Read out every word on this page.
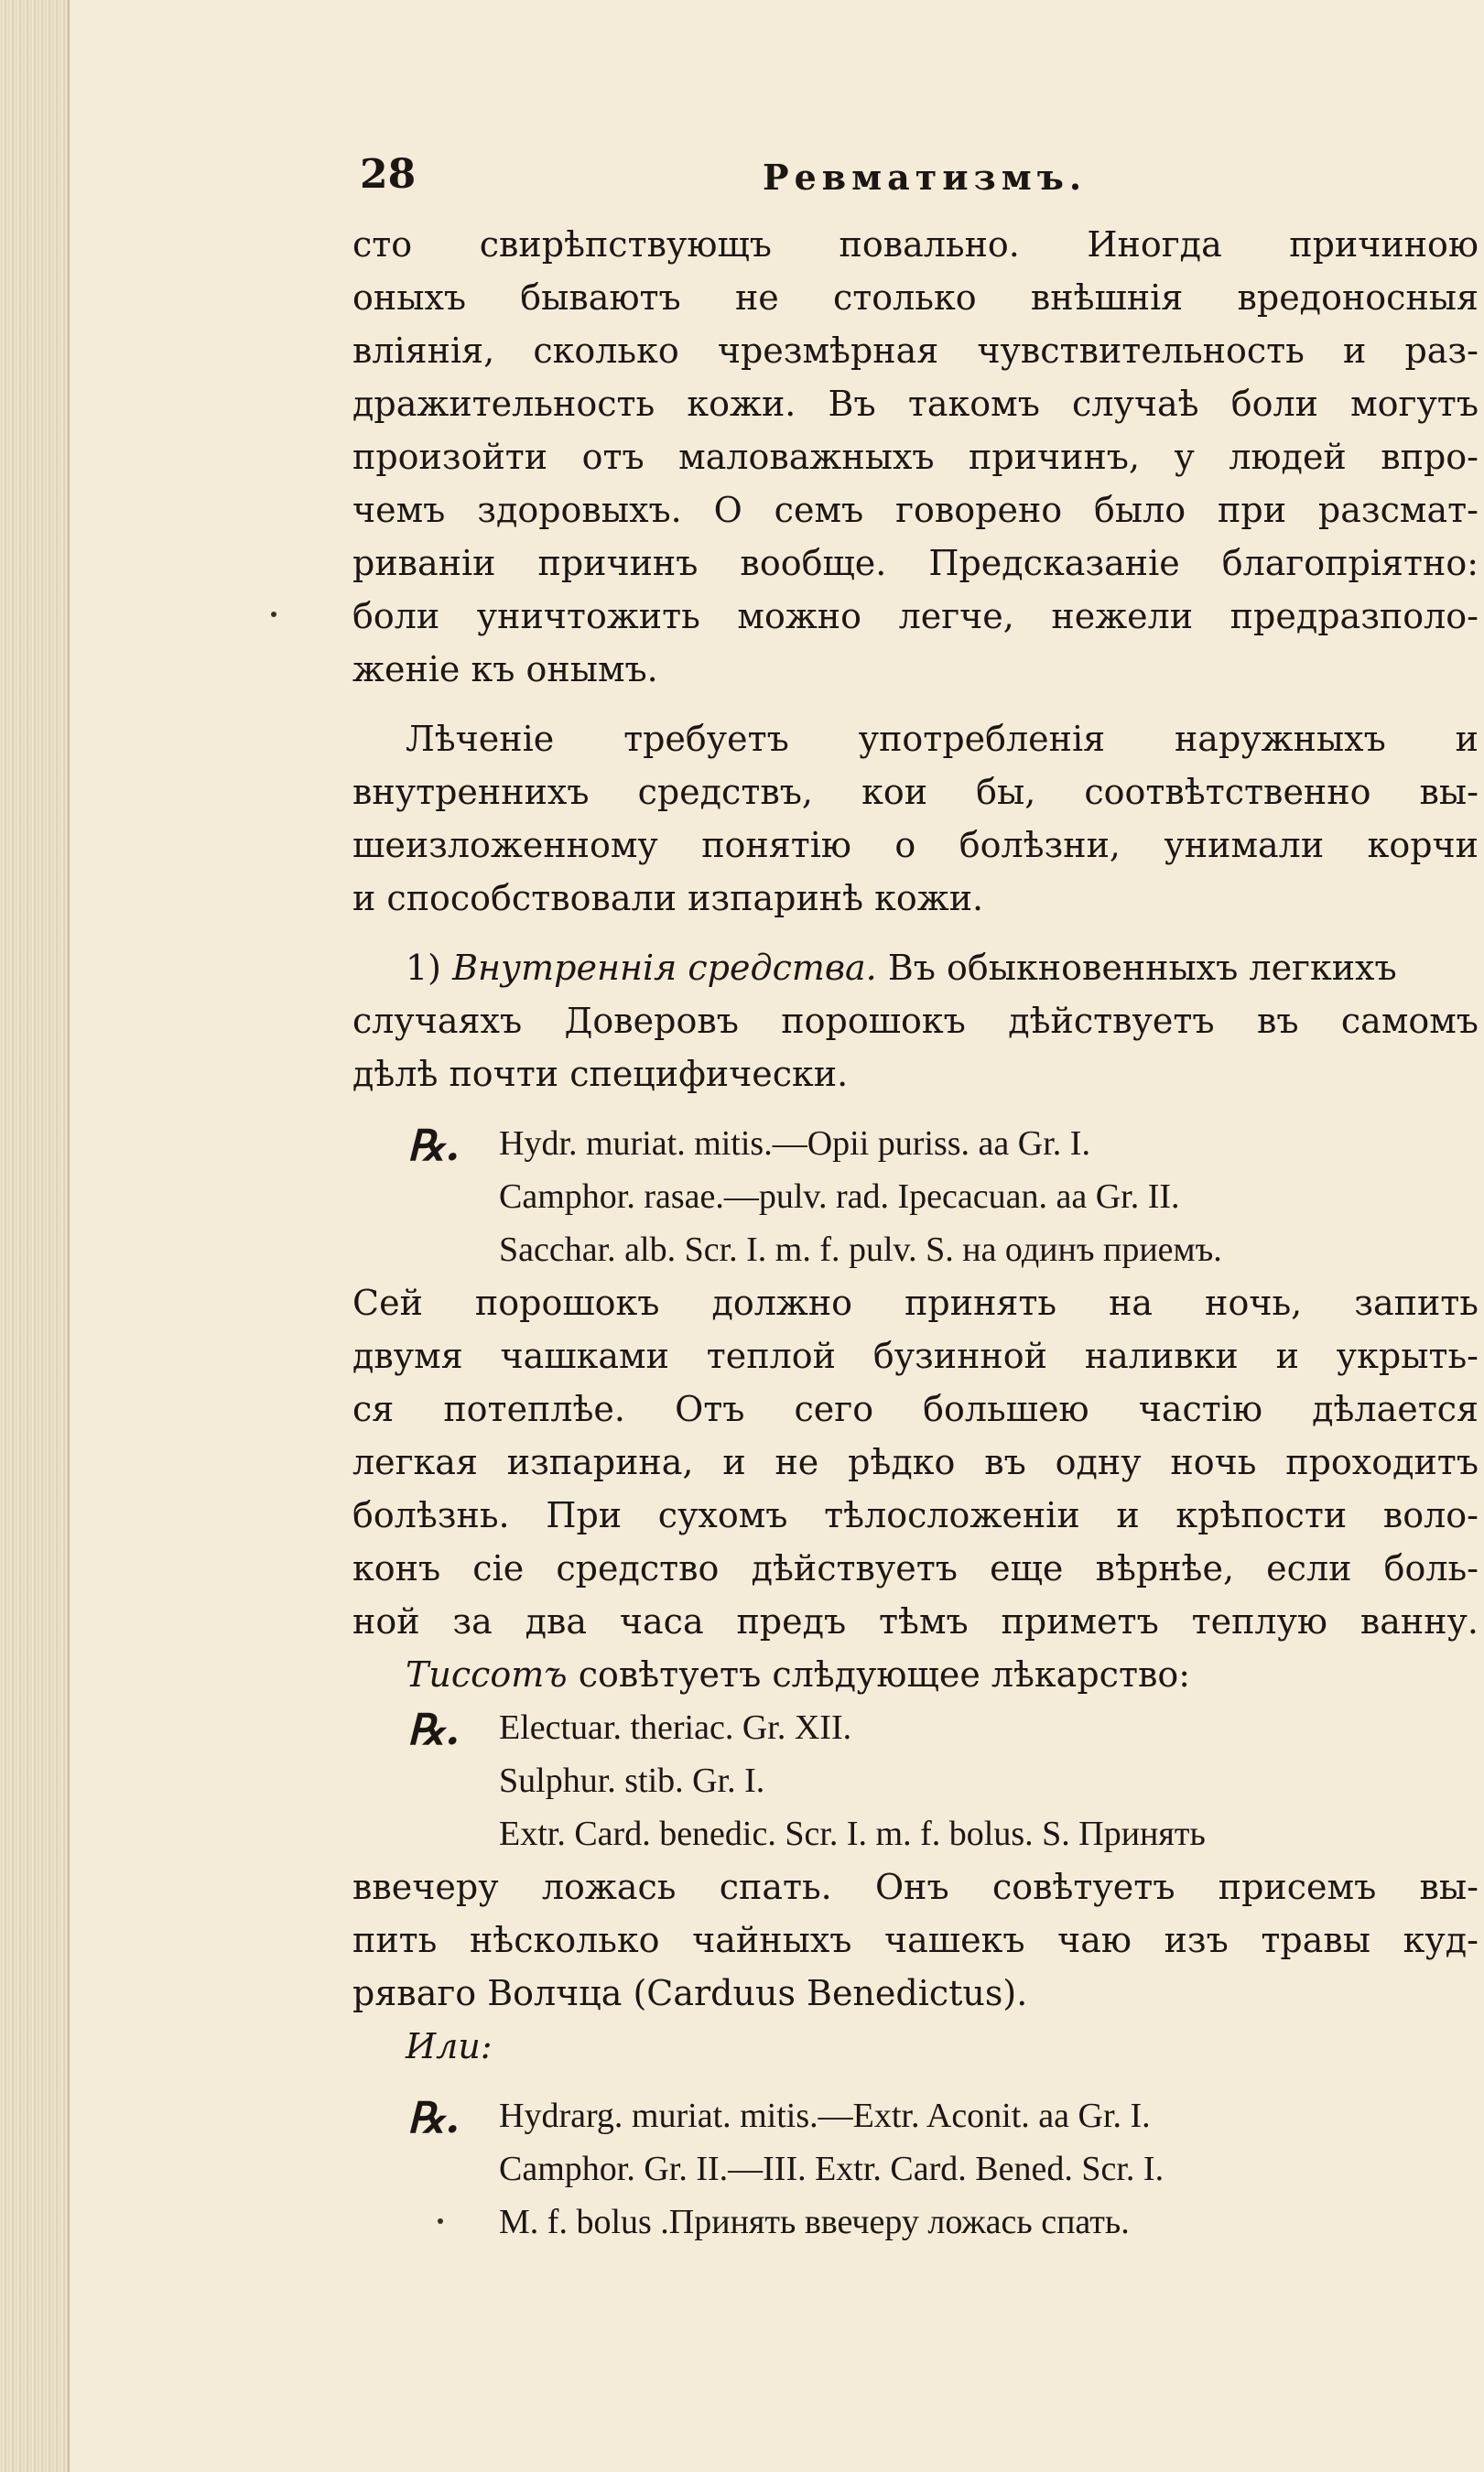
28	Ревматизмъ.
сто свирѣпствующъ повально. Иногда причиною
оныхъ бываютъ не столько внѣшнія вредоносныя
вліянія, сколько чрезмѣрная чувствительность и раз-
дражительность кожи. Въ такомъ случаѣ боли могутъ
произойти отъ маловажныхъ причинъ, у людей впро-
чемъ здоровыхъ. О семъ говорено было при разсмат-
риваніи причинъ вообще. Предсказаніе благопріятно:
боли уничтожить можно легче, нежели предразполо-
женіе къ онымъ.
Лѣченіе требуетъ употребленія наружныхъ и
внутреннихъ средствъ, кои бы, соотвѣтственно вы-
шеизложенному понятію о болѣзни, унимали корчи
и способствовали изпаринѣ кожи.
1) Внутреннія средства. Въ обыкновенныхъ легкихъ
случаяхъ Доверовъ порошокъ дѣйствуетъ въ самомъ
дѣлѣ почти специфически.
℞. Hydr. muriat. mitis.—Opii puriss. aa Gr. I.
Camphor. rasae.—pulv. rad. Ipecacuan. aa Gr. II.
Sacchar. alb. Scr. I. m. f. pulv. S. на одинъ приемъ.
Сей порошокъ должно принять на ночь, запить
двумя чашками теплой бузинной наливки и укрыть-
ся потеплѣе. Отъ сего большею частію дѣлается
легкая изпарина, и не рѣдко въ одну ночь проходитъ
болѣзнь. При сухомъ тѣлосложеніи и крѣпости воло-
конъ сіе средство дѣйствуетъ еще вѣрнѣе, если боль-
ной за два часа предъ тѣмъ приметъ теплую ванну.
Тиссотъ совѣтуетъ слѣдующее лѣкарство:
℞. Electuar. theriac. Gr. XII.
Sulphur. stib. Gr. I.
Extr. Card. benedic. Scr. I. m. f. bolus. S. Принять
ввечеру ложась спать. Онъ совѣтуетъ присемъ вы-
пить нѣсколько чайныхъ чашекъ чаю изъ травы куд-
ряваго Волчца (Carduus Benedictus).
Или:
℞. Hydrarg. muriat. mitis.—Extr. Aconit. aa Gr. I.
Camphor. Gr. II.—III. Extr. Card. Bened. Scr. I.
M. f. bolus .Принять ввечеру ложась спать.
